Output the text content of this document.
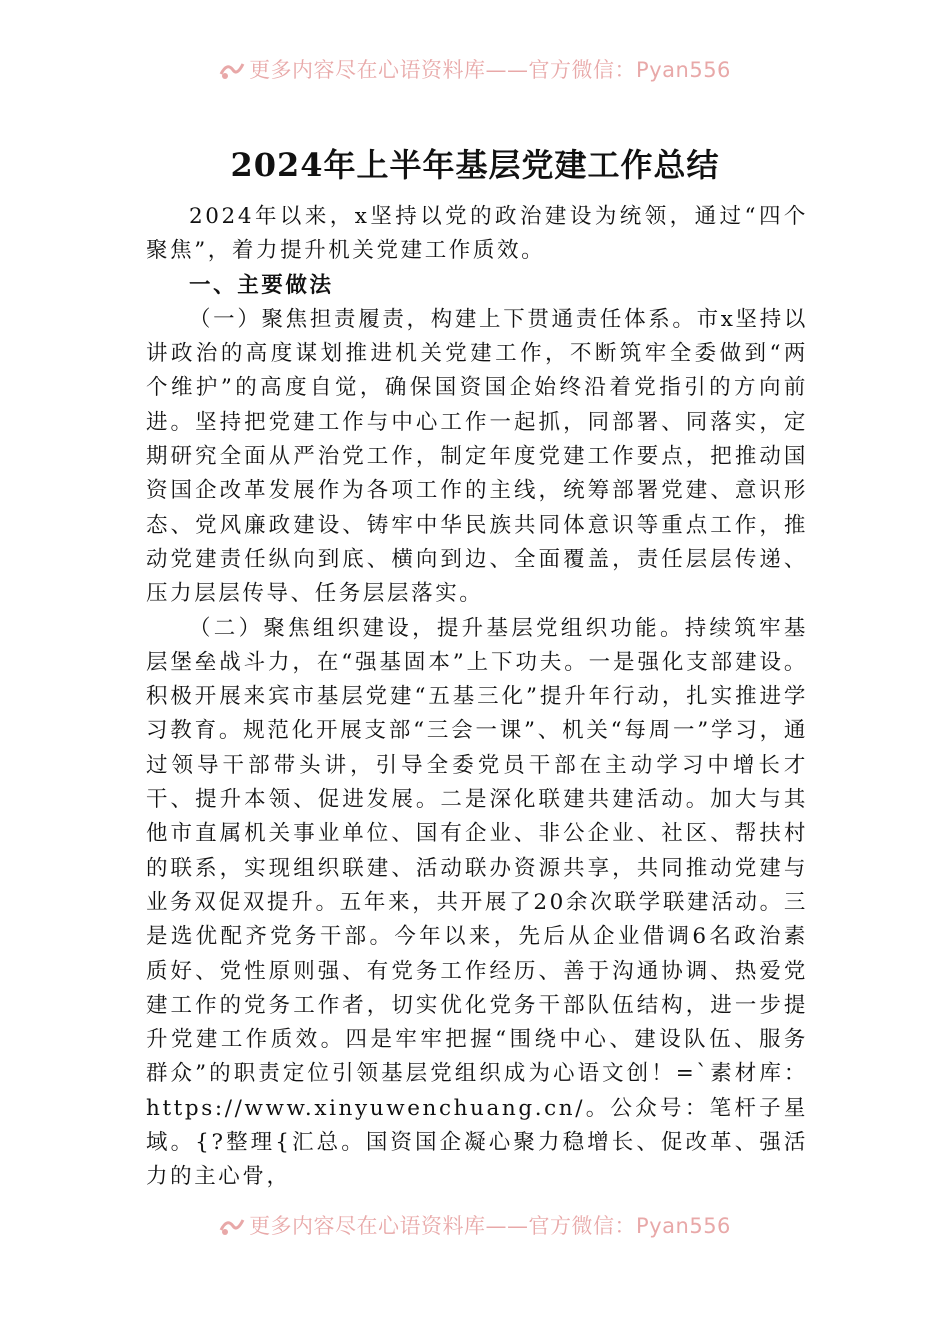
更多内容尽在心语资料库——官方微信：Pyan556
2024年上半年基层党建工作总结

2024年以来，x坚持以党的政治建设为统领，通过“四个聚焦”，着力提升机关党建工作质效。

一、主要做法

（一）聚焦担责履责，构建上下贯通责任体系。市x坚持以讲政治的高度谋划推进机关党建工作，不断筑牢全委做到“两个维护”的高度自觉，确保国资国企始终沿着党指引的方向前进。坚持把党建工作与中心工作一起抓，同部署、同落实，定期研究全面从严治党工作，制定年度党建工作要点，把推动国资国企改革发展作为各项工作的主线，统筹部署党建、意识形态、党风廉政建设、铸牢中华民族共同体意识等重点工作，推动党建责任纵向到底、横向到边、全面覆盖，责任层层传递、压力层层传导、任务层层落实。

（二）聚焦组织建设，提升基层党组织功能。持续筑牢基层堡垒战斗力，在“强基固本”上下功夫。一是强化支部建设。积极开展来宾市基层党建“五基三化”提升年行动，扎实推进学习教育。规范化开展支部“三会一课”、机关“每周一”学习，通过领导干部带头讲，引导全委党员干部在主动学习中增长才干、提升本领、促进发展。二是深化联建共建活动。加大与其他市直属机关事业单位、国有企业、非公企业、社区、帮扶村的联系，实现组织联建、活动联办资源共享，共同推动党建与业务双促双提升。五年来，共开展了20余次联学联建活动。三是选优配齐党务干部。今年以来，先后从企业借调6名政治素质好、党性原则强、有党务工作经历、善于沟通协调、热爱党建工作的党务工作者，切实优化党务干部队伍结构，进一步提升党建工作质效。四是牢牢把握“围绕中心、建设队伍、服务群众”的职责定位引领基层党组织成为心语文创！=`素材库：https://www.xinyuwenchuang.cn/。公众号：笔杆子星域。{?整理{汇总。国资国企凝心聚力稳增长、促改革、强活力的主心骨，

更多内容尽在心语资料库——官方微信：Pyan556
